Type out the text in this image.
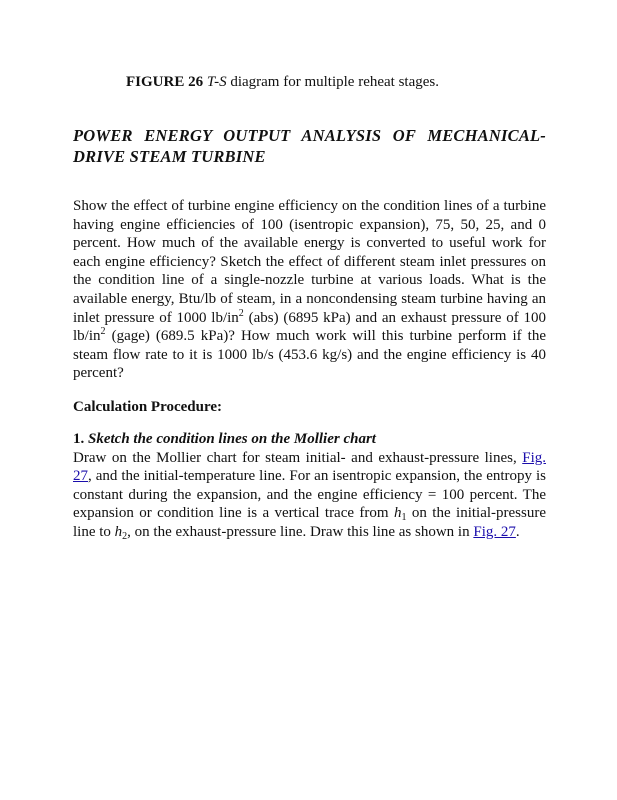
FIGURE 26 T-S diagram for multiple reheat stages.
POWER ENERGY OUTPUT ANALYSIS OF MECHANICAL-DRIVE STEAM TURBINE
Show the effect of turbine engine efficiency on the condition lines of a turbine having engine efficiencies of 100 (isentropic expansion), 75, 50, 25, and 0 percent. How much of the available energy is converted to useful work for each engine efficiency? Sketch the effect of different steam inlet pressures on the condition line of a single-nozzle turbine at various loads. What is the available energy, Btu/lb of steam, in a noncondensing steam turbine having an inlet pressure of 1000 $lb/in^2$ (abs) (6895 kPa) and an exhaust pressure of 100 $lb/in^2$ (gage) (689.5 kPa)? How much work will this turbine perform if the steam flow rate to it is 1000 lb/s (453.6 kg/s) and the engine efficiency is 40 percent?
Calculation Procedure:
1. Sketch the condition lines on the Mollier chart
Draw on the Mollier chart for steam initial- and exhaust-pressure lines, Fig. 27, and the initial-temperature line. For an isentropic expansion, the entropy is constant during the expansion, and the engine efficiency = 100 percent. The expansion or condition line is a vertical trace from $h_1$ on the initial-pressure line to $h_2$, on the exhaust-pressure line. Draw this line as shown in Fig. 27.
